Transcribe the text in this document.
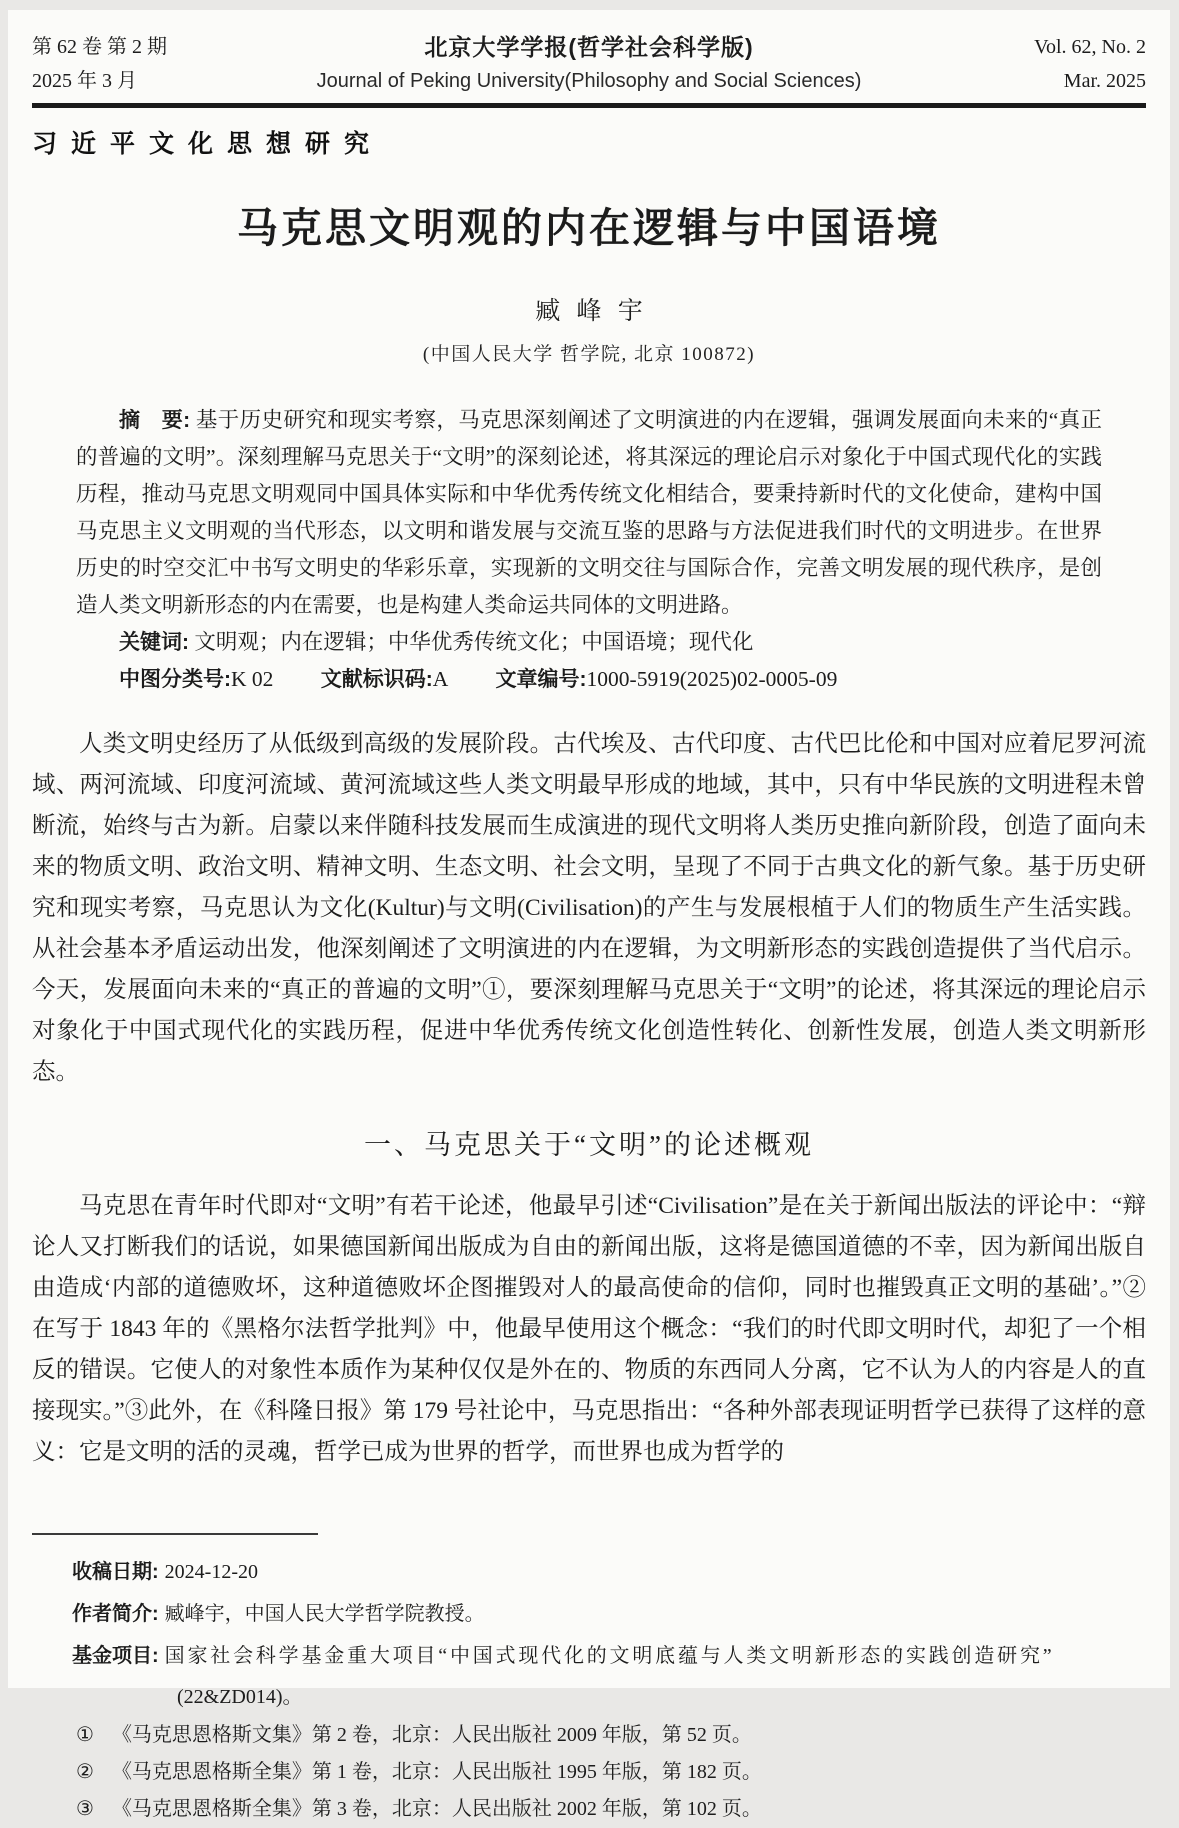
第 62 卷 第 2 期
2025 年 3 月
北京大学学报(哲学社会科学版)
Journal of Peking University(Philosophy and Social Sciences)
Vol. 62, No. 2
Mar. 2025
习近平文化思想研究
马克思文明观的内在逻辑与中国语境
臧峰宇
(中国人民大学 哲学院, 北京 100872)

摘　要: 基于历史研究和现实考察，马克思深刻阐述了文明演进的内在逻辑，强调发展面向未来的“真正的普遍的文明”。深刻理解马克思关于“文明”的深刻论述，将其深远的理论启示对象化于中国式现代化的实践历程，推动马克思文明观同中国具体实际和中华优秀传统文化相结合，要秉持新时代的文化使命，建构中国马克思主义文明观的当代形态，以文明和谐发展与交流互鉴的思路与方法促进我们时代的文明进步。在世界历史的时空交汇中书写文明史的华彩乐章，实现新的文明交往与国际合作，完善文明发展的现代秩序，是创造人类文明新形态的内在需要，也是构建人类命运共同体的文明进路。

关键词: 文明观；内在逻辑；中华优秀传统文化；中国语境；现代化

中图分类号:K 02 文献标识码:A 文章编号:1000-5919(2025)02-0005-09

人类文明史经历了从低级到高级的发展阶段。古代埃及、古代印度、古代巴比伦和中国对应着尼罗河流域、两河流域、印度河流域、黄河流域这些人类文明最早形成的地域，其中，只有中华民族的文明进程未曾断流，始终与古为新。启蒙以来伴随科技发展而生成演进的现代文明将人类历史推向新阶段，创造了面向未来的物质文明、政治文明、精神文明、生态文明、社会文明，呈现了不同于古典文化的新气象。基于历史研究和现实考察，马克思认为文化(Kultur)与文明(Civilisation)的产生与发展根植于人们的物质生产生活实践。从社会基本矛盾运动出发，他深刻阐述了文明演进的内在逻辑，为文明新形态的实践创造提供了当代启示。今天，发展面向未来的“真正的普遍的文明”①，要深刻理解马克思关于“文明”的论述，将其深远的理论启示对象化于中国式现代化的实践历程，促进中华优秀传统文化创造性转化、创新性发展，创造人类文明新形态。

一、马克思关于“文明”的论述概观

马克思在青年时代即对“文明”有若干论述，他最早引述“Civilisation”是在关于新闻出版法的评论中：“辩论人又打断我们的话说，如果德国新闻出版成为自由的新闻出版，这将是德国道德的不幸，因为新闻出版自由造成‘内部的道德败坏，这种道德败坏企图摧毁对人的最高使命的信仰，同时也摧毁真正文明的基础’。”②在写于 1843 年的《黑格尔法哲学批判》中，他最早使用这个概念：“我们的时代即文明时代，却犯了一个相反的错误。它使人的对象性本质作为某种仅仅是外在的、物质的东西同人分离，它不认为人的内容是人的直接现实。”③此外，在《科隆日报》第 179 号社论中，马克思指出：“各种外部表现证明哲学已获得了这样的意义：它是文明的活的灵魂，哲学已成为世界的哲学，而世界也成为哲学的

收稿日期: 2024-12-20

作者简介: 臧峰宇，中国人民大学哲学院教授。

基金项目: 国家社会科学基金重大项目“中国式现代化的文明底蕴与人类文明新形态的实践创造研究”

(22&ZD014)。

① 《马克思恩格斯文集》第 2 卷，北京：人民出版社 2009 年版，第 52 页。

② 《马克思恩格斯全集》第 1 卷，北京：人民出版社 1995 年版，第 182 页。

③ 《马克思恩格斯全集》第 3 卷，北京：人民出版社 2002 年版，第 102 页。
